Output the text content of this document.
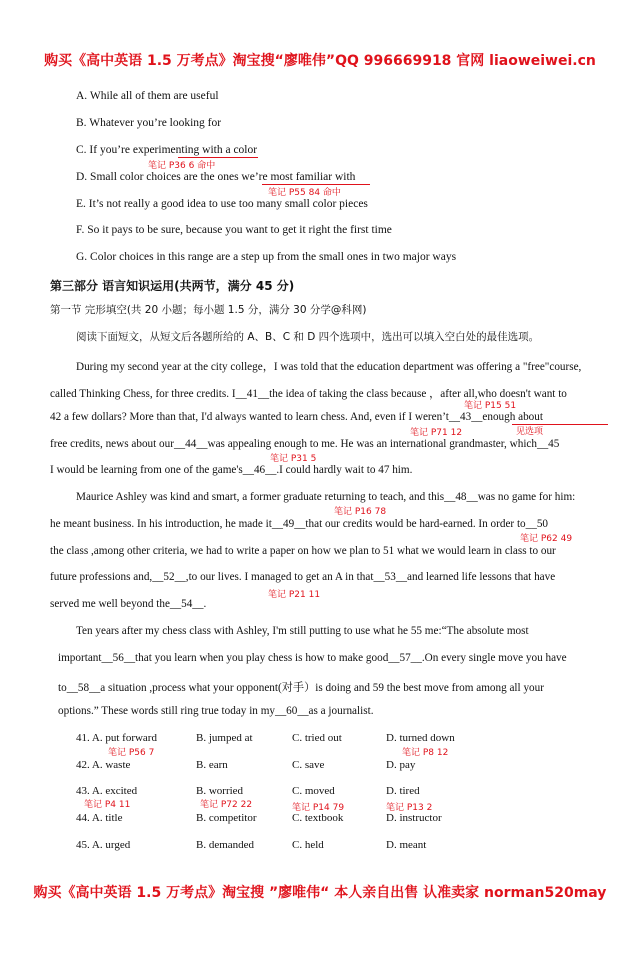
购买《高中英语 1.5 万考点》淘宝搜“廖唯伟”QQ 996669918 官网 liaoweiwei.cn
A. While all of them are useful
B. Whatever you’re looking for
C. If you’re experimenting with a color
笔记 P36 6 命中
D. Small color choices are the ones we’re most familiar with
笔记 P55 84 命中
E. It’s not really a good idea to use too many small color pieces
F. So it pays to be sure, because you want to get it right the first time
G. Color choices in this range are a step up from the small ones in two major ways
第三部分 语言知识运用(共两节，满分 45 分)
第一节 完形填空(共 20 小题；每小题 1.5 分，满分 30 分学@科网)
阅读下面短文，从短文后各题所给的 A、B、C 和 D 四个选项中，选出可以填入空白处的最佳选项。
During my second year at the city college，I was told that the education department was offering a "free"course,
called Thinking Chess, for three credits. I__41__the idea of taking the class because ，after all,who doesn't want to
笔记 P15 51
42 a few dollars? More than that, I'd always wanted to learn chess. And, even if I weren’t__43__enough about
笔记 P71 12	见选项
free credits, news about our__44__was appealing enough to me. He was an international grandmaster, which__45
笔记 P31 5
I would be learning from one of the game's__46__.I could hardly wait to 47 him.
Maurice Ashley was kind and smart, a former graduate returning to teach, and this__48__was no game for him:
笔记 P16 78
he meant business. In his introduction, he made it__49__that our credits would be hard-earned. In order to__50
笔记 P62 49
the class ,among other criteria, we had to write a paper on how we plan to 51 what we would learn in class to our
future professions and,__52__,to our lives. I managed to get an A in that__53__and learned life lessons that have
笔记 P21 11
served me well beyond the__54__.
Ten years after my chess class with Ashley, I'm still putting to use what he 55 me:“The absolute most
important__56__that you learn when you play chess is how to make good__57__.On every single move you have
to__58__a situation ,process what your opponent(对手）is doing and 59 the best move from among all your
options.” These words still ring true today in my__60__as a journalist.
41. A. put forward	B. jumped at	C. tried out	D. turned down
笔记 P56 7	笔记 P8 12
42. A. waste	B. earn	C. save	D. pay
43. A. excited	B. worried	C. moved	D. tired
笔记 P4 11	笔记 P72 22	笔记 P14 79	笔记 P13 2
44. A. title	B. competitor	C. textbook	D. instructor
45. A. urged	B. demanded	C. held	D. meant
购买《高中英语 1.5 万考点》淘宝搜 ”廖唯伟“ 本人亲自出售 认准卖家 norman520may
